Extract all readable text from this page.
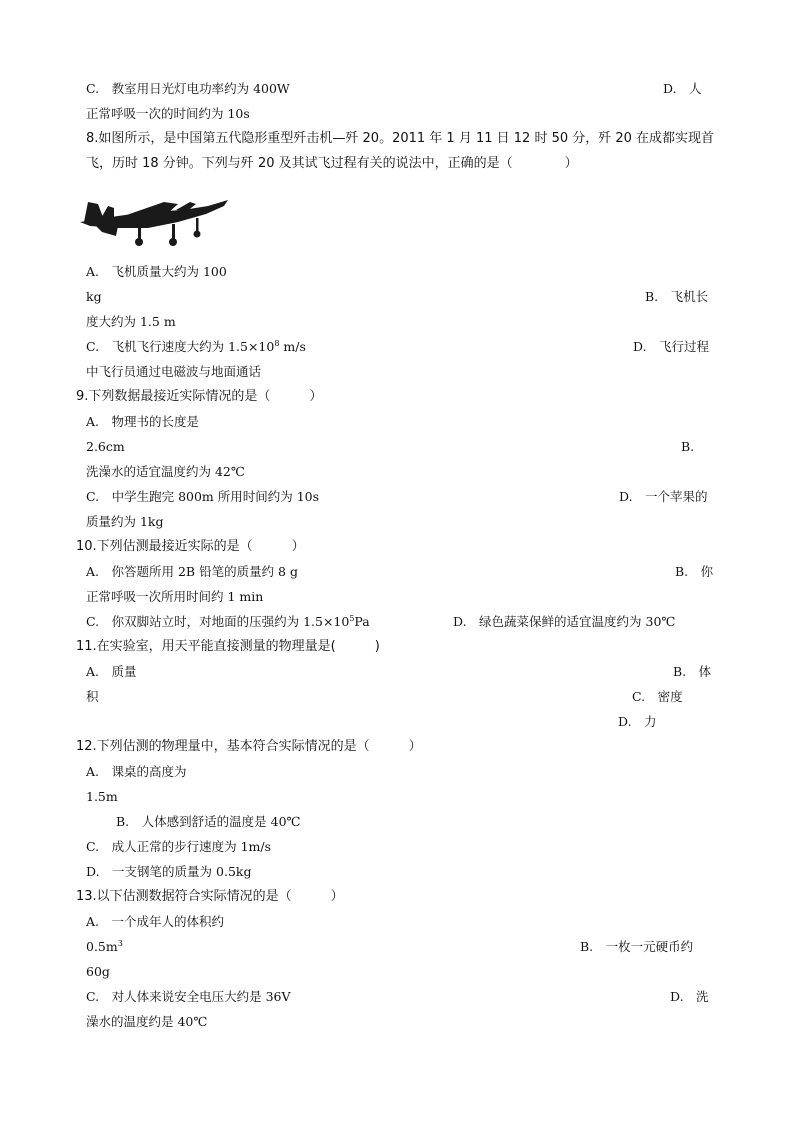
C.　教室用日光灯电功率约为 400W	D.　人
正常呼吸一次的时间约为 10s
8.如图所示，是中国第五代隐形重型歼击机—歼 20。2011 年 1 月 11 日 12 时 50 分，歼 20 在成都实现首
飞，历时 18 分钟。下列与歼 20 及其试飞过程有关的说法中，正确的是（　　　　）
A.　飞机质量大约为 100
kg	B.　飞机长
度大约为 1.5 m
C.　飞机飞行速度大约为 $1.5\times 10^8$ m/s	D.　飞行过程
中飞行员通过电磁波与地面通话
9.下列数据最接近实际情况的是（　　　）
A.　物理书的长度是
2.6cm	B.
洗澡水的适宜温度约为 42℃
C.　中学生跑完 800m 所用时间约为 10s	D.　一个苹果的
质量约为 1kg
10.下列估测最接近实际的是（　　　）
A.　你答题所用 2B 铅笔的质量约 8 g	B.　你
正常呼吸一次所用时间约 1 min
C.　你双脚站立时，对地面的压强约为 $1.5\times 10^5Pa$	D.　绿色蔬菜保鲜的适宜温度约为 30℃
11.在实验室，用天平能直接测量的物理量是(　　　)
A.　质量	B.　体
积	C.　密度
D.　力
12.下列估测的物理量中，基本符合实际情况的是（　　　）
A.　课桌的高度为
1.5m
B.　人体感到舒适的温度是 40℃
C.　成人正常的步行速度为 1m/s
D.　一支钢笔的质量为 0.5kg
13.以下估测数据符合实际情况的是（　　　）
A.　一个成年人的体积约
$0.5m^3$	B.　一枚一元硬币约
60g
C.　对人体来说安全电压大约是 36V	D.　洗
澡水的温度约是 40℃
